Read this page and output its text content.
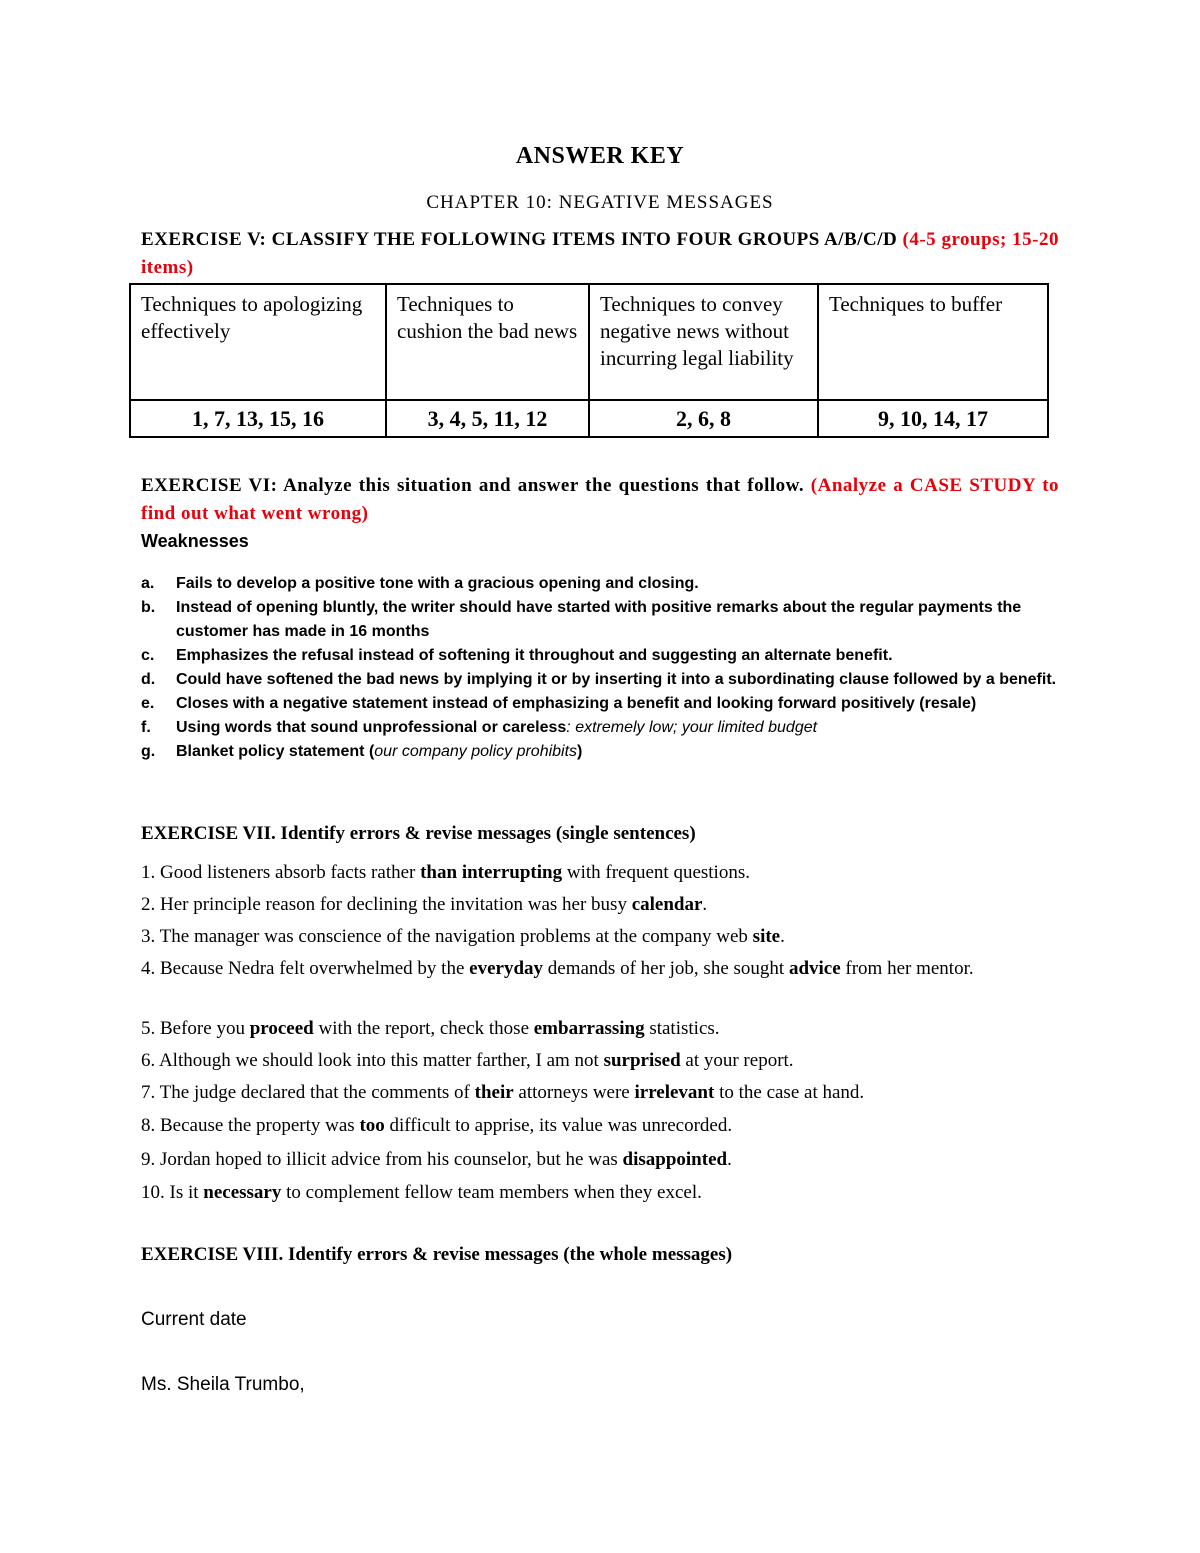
ANSWER KEY
CHAPTER 10: NEGATIVE MESSAGES
EXERCISE V: CLASSIFY THE FOLLOWING ITEMS INTO FOUR GROUPS A/B/C/D (4-5 groups; 15-20 items)
Techniques to apologizing effectively	Techniques to cushion the bad news	Techniques to convey negative news without incurring legal liability	Techniques to buffer
1, 7, 13, 15, 16	3, 4, 5, 11, 12	2, 6, 8	9, 10, 14, 17
EXERCISE VI: Analyze this situation and answer the questions that follow. (Analyze a CASE STUDY to find out what went wrong)
Weaknesses
a.	Fails to develop a positive tone with a gracious opening and closing.
b.	Instead of opening bluntly, the writer should have started with positive remarks about the regular payments the customer has made in 16 months
c.	Emphasizes the refusal instead of softening it throughout and suggesting an alternate benefit.
d.	Could have softened the bad news by implying it or by inserting it into a subordinating clause followed by a benefit.
e.	Closes with a negative statement instead of emphasizing a benefit and looking forward positively (resale)
f.	Using words that sound unprofessional or careless: extremely low; your limited budget
g.	Blanket policy statement (our company policy prohibits)
EXERCISE VII. Identify errors & revise messages (single sentences)
1. Good listeners absorb facts rather than interrupting with frequent questions.
2. Her principle reason for declining the invitation was her busy calendar.
3. The manager was conscience of the navigation problems at the company web site.
4. Because Nedra felt overwhelmed by the everyday demands of her job, she sought advice from her mentor.
5. Before you proceed with the report, check those embarrassing statistics.
6. Although we should look into this matter farther, I am not surprised at your report.
7. The judge declared that the comments of their attorneys were irrelevant to the case at hand.
8. Because the property was too difficult to apprise, its value was unrecorded.
9. Jordan hoped to illicit advice from his counselor, but he was disappointed.
10. Is it necessary to complement fellow team members when they excel.
EXERCISE VIII. Identify errors & revise messages (the whole messages)
Current date
Ms. Sheila Trumbo,
